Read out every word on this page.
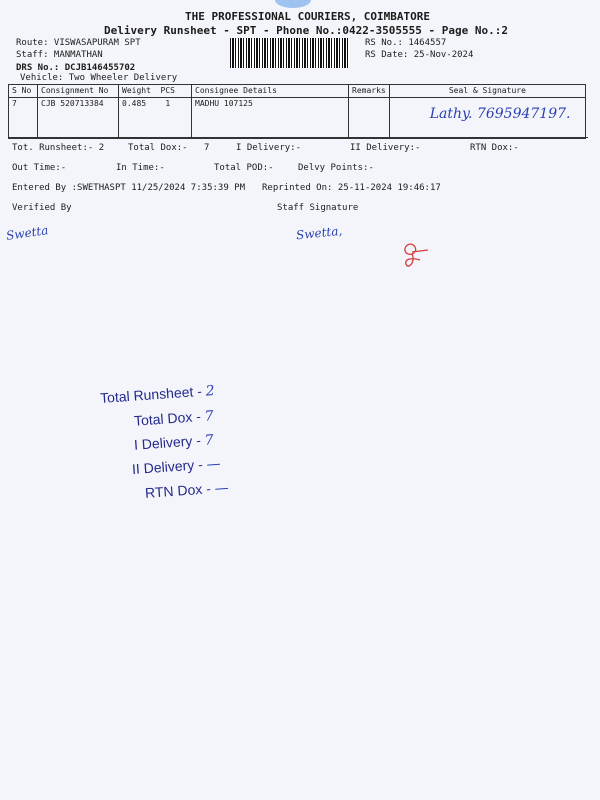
THE PROFESSIONAL COURIERS, COIMBATORE
Delivery Runsheet - SPT - Phone No.:0422-3505555 - Page No.:2
Route: VISWASAPURAM SPT
Staff: MANMATHAN
DRS No.: DCJB146455702
Vehicle: Two Wheeler Delivery
RS No.: 1464557
RS Date: 25-Nov-2024
S No	Consignment No	Weight PCS	Consignee Details	Remarks	Seal & Signature
7	CJB 520713384	0.485 1	MADHU 107125		Lathy. 7695947197.
Tot. Runsheet:- 2	Total Dox:- 7	I Delivery:-	II Delivery:-	RTN Dox:-
Out Time:-	In Time:-	Total POD:-	Delvy Points:-
Entered By :SWETHASPT 11/25/2024 7:35:39 PM Reprinted On: 25-11-2024 19:46:17
Verified By	Staff Signature
Swetta	Swetta,
Total Runsheet - 2
Total Dox - 7
I Delivery - 7
II Delivery - —
RTN Dox - —
